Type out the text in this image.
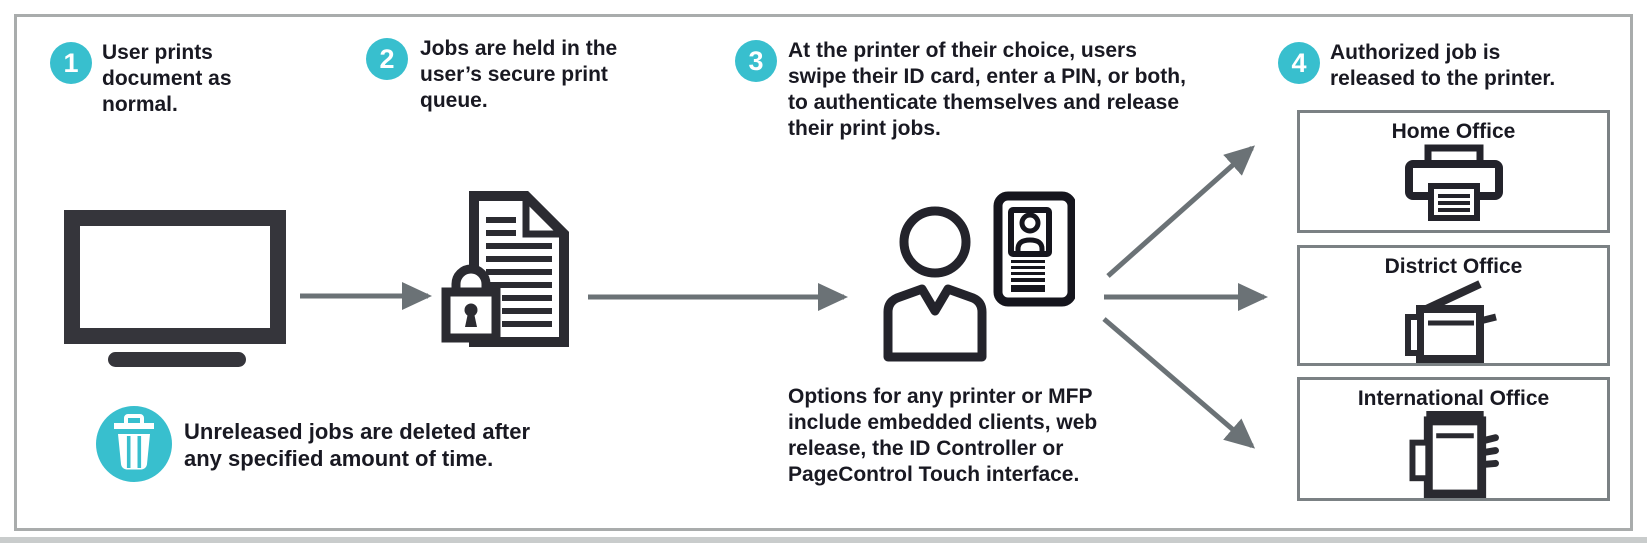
1 User prints document as normal.
2 Jobs are held in the user’s secure print queue.
3 At the printer of their choice, users swipe their ID card, enter a PIN, or both, to authenticate themselves and release their print jobs.
4 Authorized job is released to the printer.
Home Office
District Office
International Office
Unreleased jobs are deleted after any specified amount of time.
Options for any printer or MFP include embedded clients, web release, the ID Controller or PageControl Touch interface.
